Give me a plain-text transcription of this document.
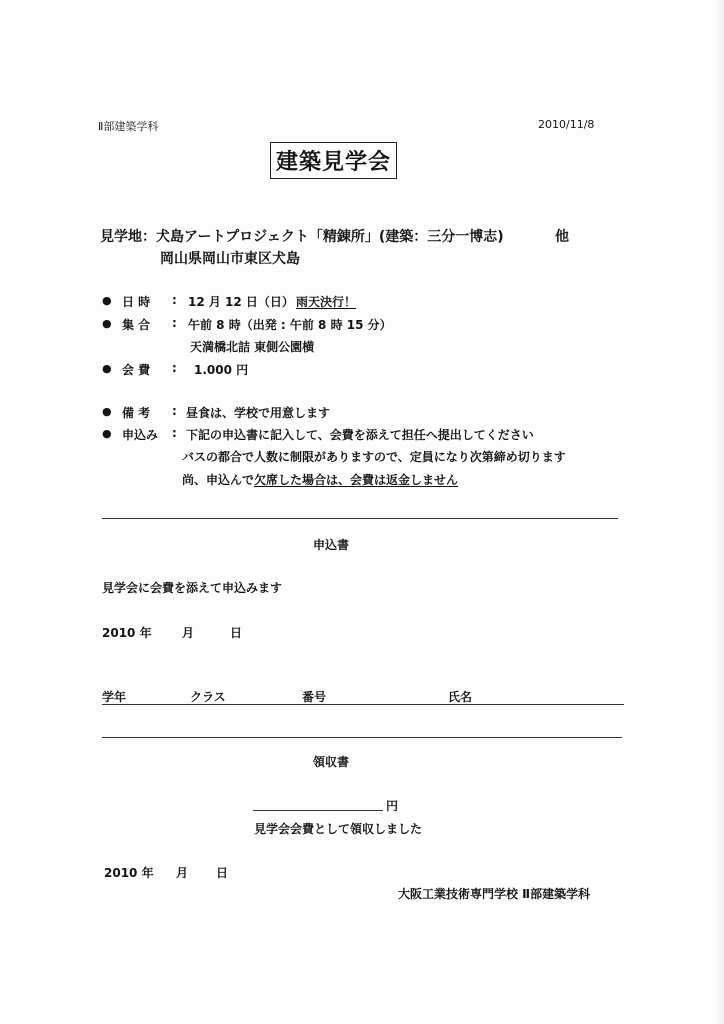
Ⅱ部建築学科	2010/11/8
建築見学会
見学地：犬島アートプロジェクト「精錬所」(建築：三分一博志)	他
岡山県岡山市東区犬島
● 日 時 : 12 月 12 日（日） 雨天決行！
● 集 合 : 午前 8 時（出発 : 午前 8 時 15 分）
天満橋北詰 東側公園横
● 会 費 : 1.000 円
● 備 考 : 昼食は、学校で用意します
● 申込み : 下記の申込書に記入して、会費を添えて担任へ提出してください
バスの都合で人数に制限がありますので、定員になり次第締め切ります
尚、申込んで欠席した場合は、会費は返金しません
申込書
見学会に会費を添えて申込みます
2010 年	月	日
学年	クラス	番号	氏名
領収書
円
見学会会費として領収しました
2010 年 月 日
大阪工業技術専門学校 Ⅱ部建築学科
